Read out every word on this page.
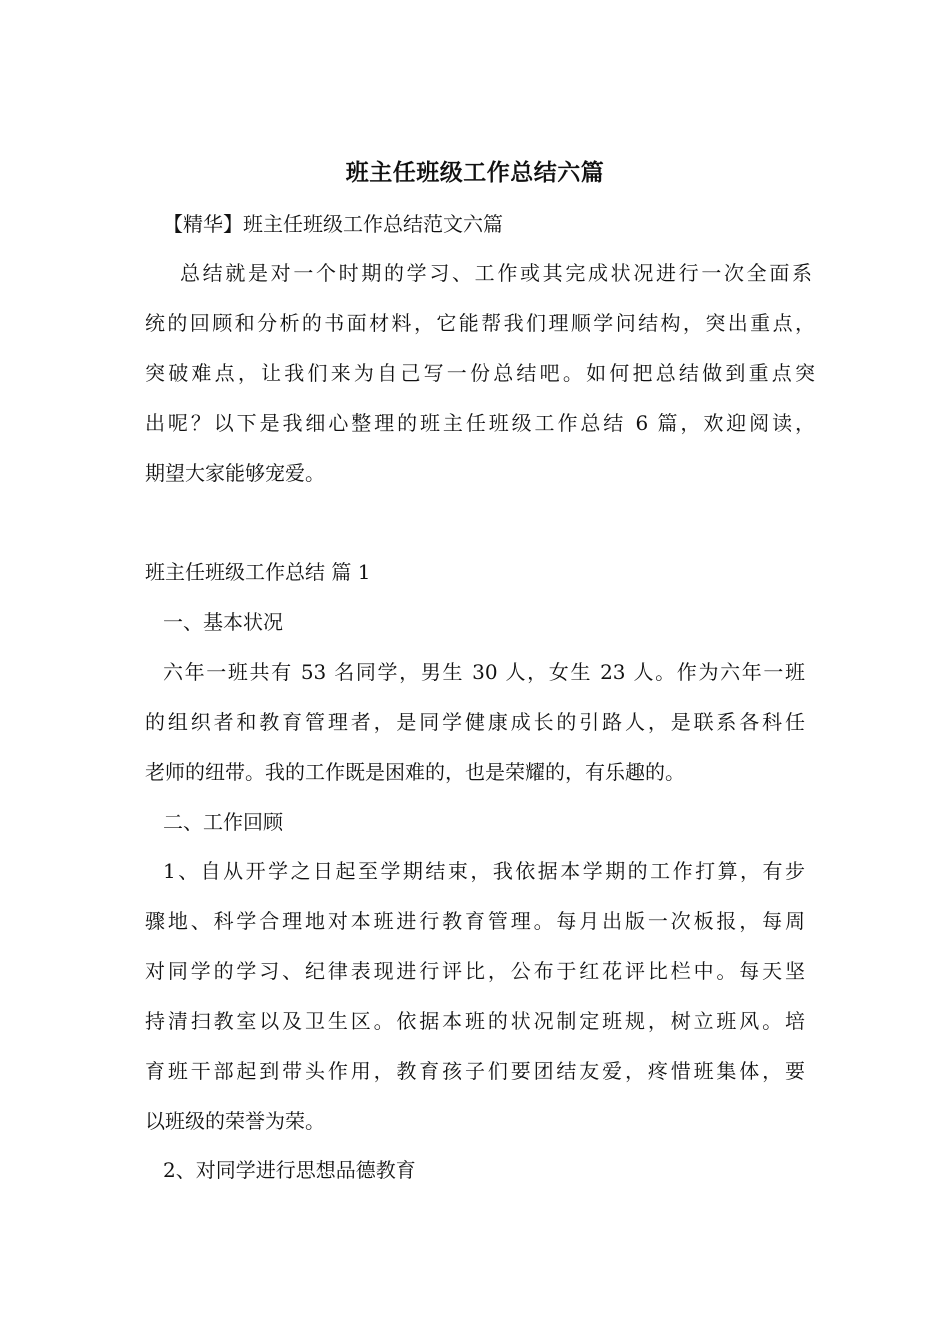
班主任班级工作总结六篇
【精华】班主任班级工作总结范文六篇
总结就是对一个时期的学习、工作或其完成状况进行一次全面系
统的回顾和分析的书面材料，它能帮我们理顺学问结构，突出重点，
突破难点，让我们来为自己写一份总结吧。如何把总结做到重点突
出呢？以下是我细心整理的班主任班级工作总结 6 篇，欢迎阅读，
期望大家能够宠爱。
班主任班级工作总结 篇 1
一、基本状况
六年一班共有 53 名同学，男生 30 人，女生 23 人。作为六年一班
的组织者和教育管理者，是同学健康成长的引路人，是联系各科任
老师的纽带。我的工作既是困难的，也是荣耀的，有乐趣的。
二、工作回顾
1、自从开学之日起至学期结束，我依据本学期的工作打算，有步
骤地、科学合理地对本班进行教育管理。每月出版一次板报，每周
对同学的学习、纪律表现进行评比，公布于红花评比栏中。每天坚
持清扫教室以及卫生区。依据本班的状况制定班规，树立班风。培
育班干部起到带头作用，教育孩子们要团结友爱，疼惜班集体，要
以班级的荣誉为荣。
2、对同学进行思想品德教育
